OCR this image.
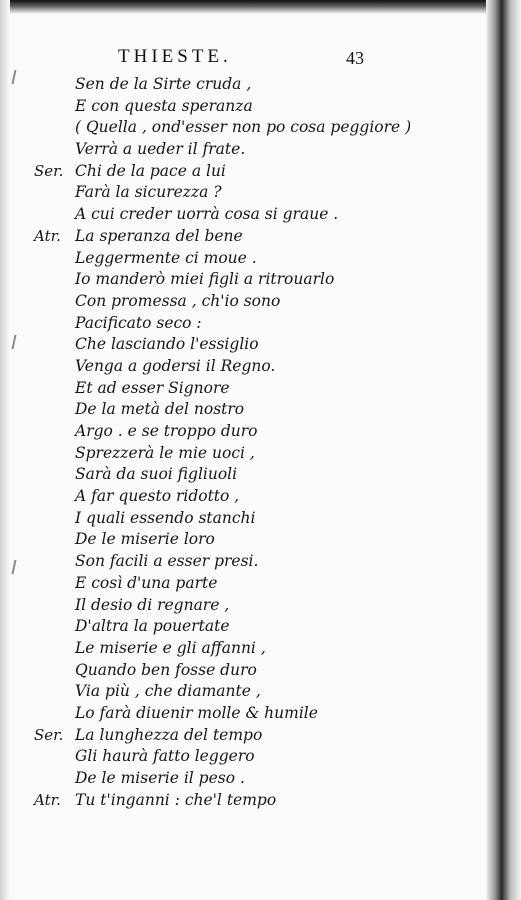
THIESTE.	43
Sen de la Sirte cruda ,
E con questa speranza
( Quella , ond'esser non po cosa peggiore )
Verrà a ueder il frate.
Ser. Chi de la pace a lui
Farà la sicurezza ?
A cui creder uorrà cosa si graue .
Atr. La speranza del bene
Leggermente ci moue .
Io manderò miei figli a ritrouarlo
Con promessa , ch'io sono
Pacificato seco :
Che lasciando l'essiglio
Venga a godersi il Regno.
Et ad esser Signore
De la metà del nostro
Argo . e se troppo duro
Sprezzerà le mie uoci ,
Sarà da suoi figliuoli
A far questo ridotto ,
I quali essendo stanchi
De le miserie loro
Son facili a esser presi.
E così d'una parte
Il desio di regnare ,
D'altra la pouertate
Le miserie e gli affanni ,
Quando ben fosse duro
Via più , che diamante ,
Lo farà diuenir molle & humile
Ser. La lunghezza del tempo
Gli haurà fatto leggero
De le miserie il peso .
Atr. Tu t'inganni : che'l tempo
